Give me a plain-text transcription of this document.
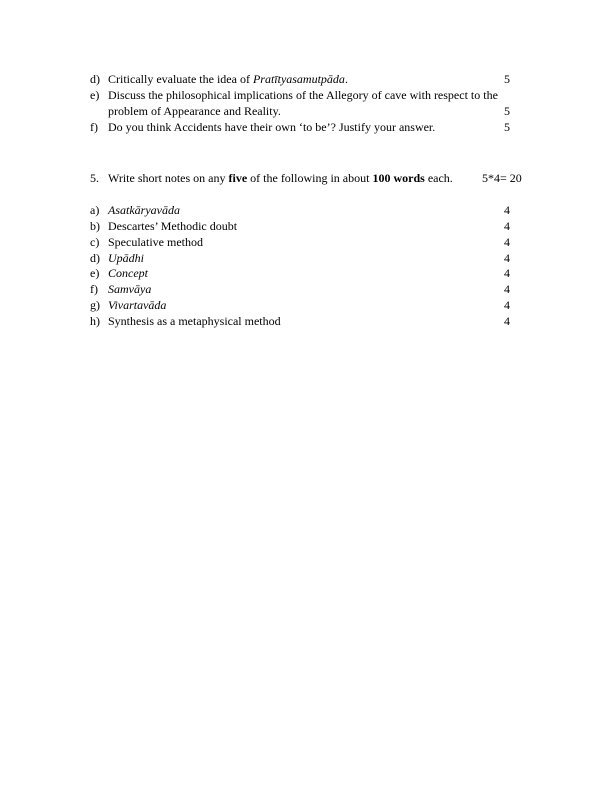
d) Critically evaluate the idea of Pratītyasamutpāda.	5
e) Discuss the philosophical implications of the Allegory of cave with respect to the
problem of Appearance and Reality.	5
f) Do you think Accidents have their own ‘to be’? Justify your answer.	5
5. Write short notes on any five of the following in about 100 words each. 5*4= 20
a) Asatkāryavāda	4
b) Descartes’ Methodic doubt	4
c) Speculative method	4
d) Upādhi	4
e) Concept	4
f) Samvāya	4
g) Vivartavāda	4
h) Synthesis as a metaphysical method	4
